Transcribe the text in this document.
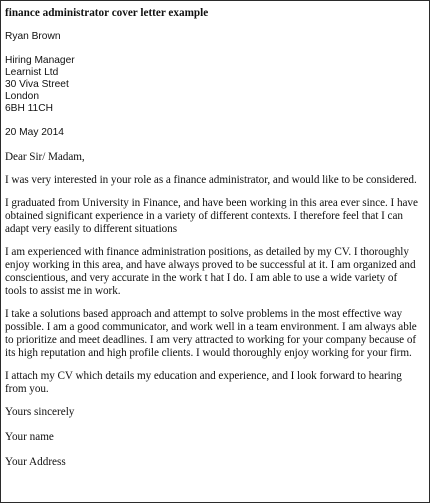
finance administrator cover letter example
Ryan Brown
Hiring Manager
Learnist Ltd
30 Viva Street
London
6BH 11CH
20 May 2014
Dear Sir/ Madam,
I was very interested in your role as a finance administrator, and would like to be considered.
I graduated from University in Finance, and have been working in this area ever since. I have
obtained significant experience in a variety of different contexts. I therefore feel that I can
adapt very easily to different situations
I am experienced with finance administration positions, as detailed by my CV. I thoroughly
enjoy working in this area, and have always proved to be successful at it. I am organized and
conscientious, and very accurate in the work t hat I do. I am able to use a wide variety of
tools to assist me in work.
I take a solutions based approach and attempt to solve problems in the most effective way
possible. I am a good communicator, and work well in a team environment. I am always able
to prioritize and meet deadlines. I am very attracted to working for your company because of
its high reputation and high profile clients. I would thoroughly enjoy working for your firm.
I attach my CV which details my education and experience, and I look forward to hearing
from you.
Yours sincerely
Your name
Your Address
